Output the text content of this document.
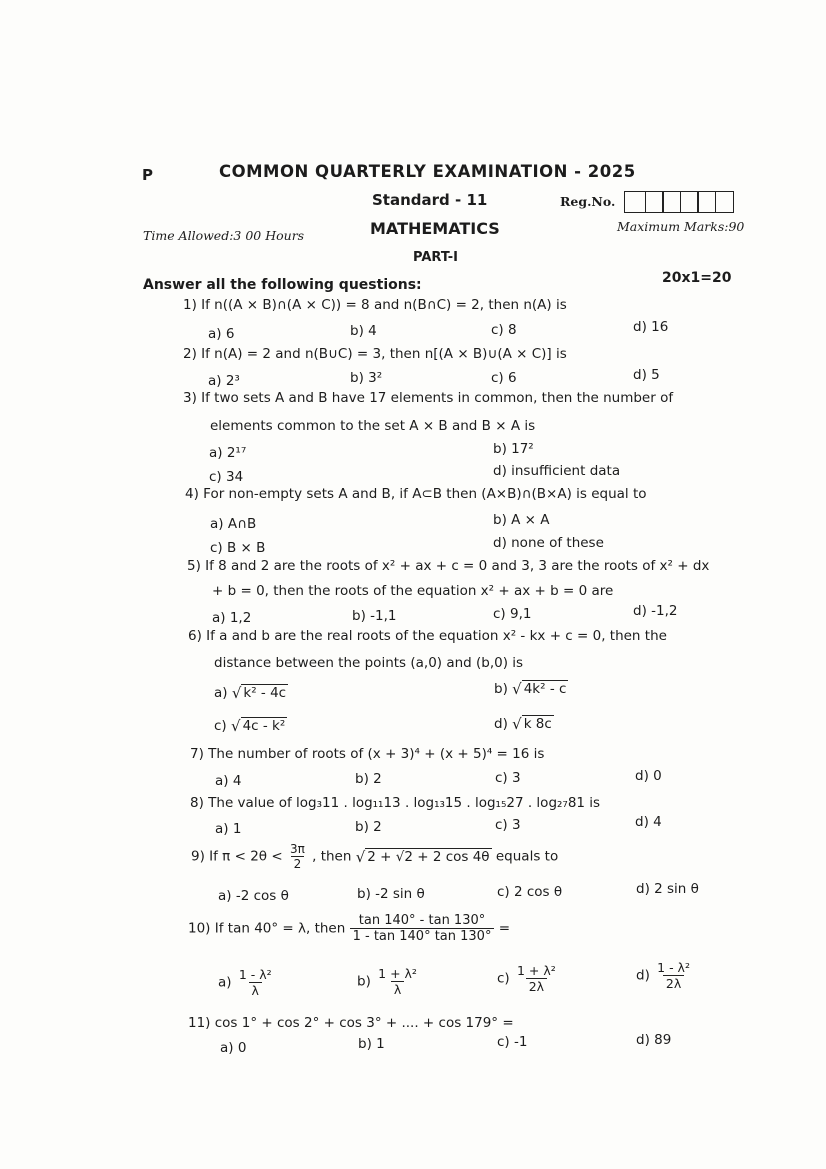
P	COMMON QUARTERLY EXAMINATION - 2025
Standard - 11	Reg.No.
Time Allowed:3 00 Hours	MATHEMATICS	Maximum Marks:90
PART-I
Answer all the following questions:	20x1=20
1) If n((A × B)∩(A × C)) = 8 and n(B∩C) = 2, then n(A) is
a) 6	b) 4	c) 8	d) 16
2) If n(A) = 2 and n(B∪C) = 3, then n[(A × B)∪(A × C)] is
a) 2³	b) 3²	c) 6	d) 5
3) If two sets A and B have 17 elements in common, then the number of
elements common to the set A × B and B × A is
a) 2¹⁷	b) 17²
c) 34	d) insufficient data
4) For non-empty sets A and B, if A⊂B then (A×B)∩(B×A) is equal to
a) A∩B	b) A × A
c) B × B	d) none of these
5) If 8 and 2 are the roots of x² + ax + c = 0 and 3, 3 are the roots of x² + dx
+ b = 0, then the roots of the equation x² + ax + b = 0 are
a) 1,2	b) -1,1	c) 9,1	d) -1,2
6) If a and b are the real roots of the equation x² - kx + c = 0, then the
distance between the points (a,0) and (b,0) is
a) √ k² - 4c	b) √ 4k² - c
c) √ 4c - k²	d) √ k 8c
7) The number of roots of (x + 3)⁴ + (x + 5)⁴ = 16 is
a) 4	b) 2	c) 3	d) 0
8) The value of log₃11 . log₁₁13 . log₁₃15 . log₁₅27 . log₂₇81 is
a) 1	b) 2	c) 3	d) 4
9) If $\pi < 2\theta < \frac{3\pi}{2}$ , then √ 2 + √2 + 2 cos 4θ equals to
a) -2 cos θ	b) -2 sin θ	c) 2 cos θ	d) 2 sin θ
10) If tan 40° = λ, then $\frac{\tan 140^\circ - \tan 130^\circ}{1 - \tan 140^\circ \tan 130^\circ}$ =
$a) \frac{\text{1 - λ²}}{\lambda}$	$b) \frac{\text{1 + λ²}}{\lambda}$	$c) \frac{\text{1 + λ²}}{2\lambda}$	$d) \frac{\text{1 - λ²}}{2\lambda}$
11) cos 1° + cos 2° + cos 3° + .... + cos 179° =
a) 0	b) 1	c) -1	d) 89
